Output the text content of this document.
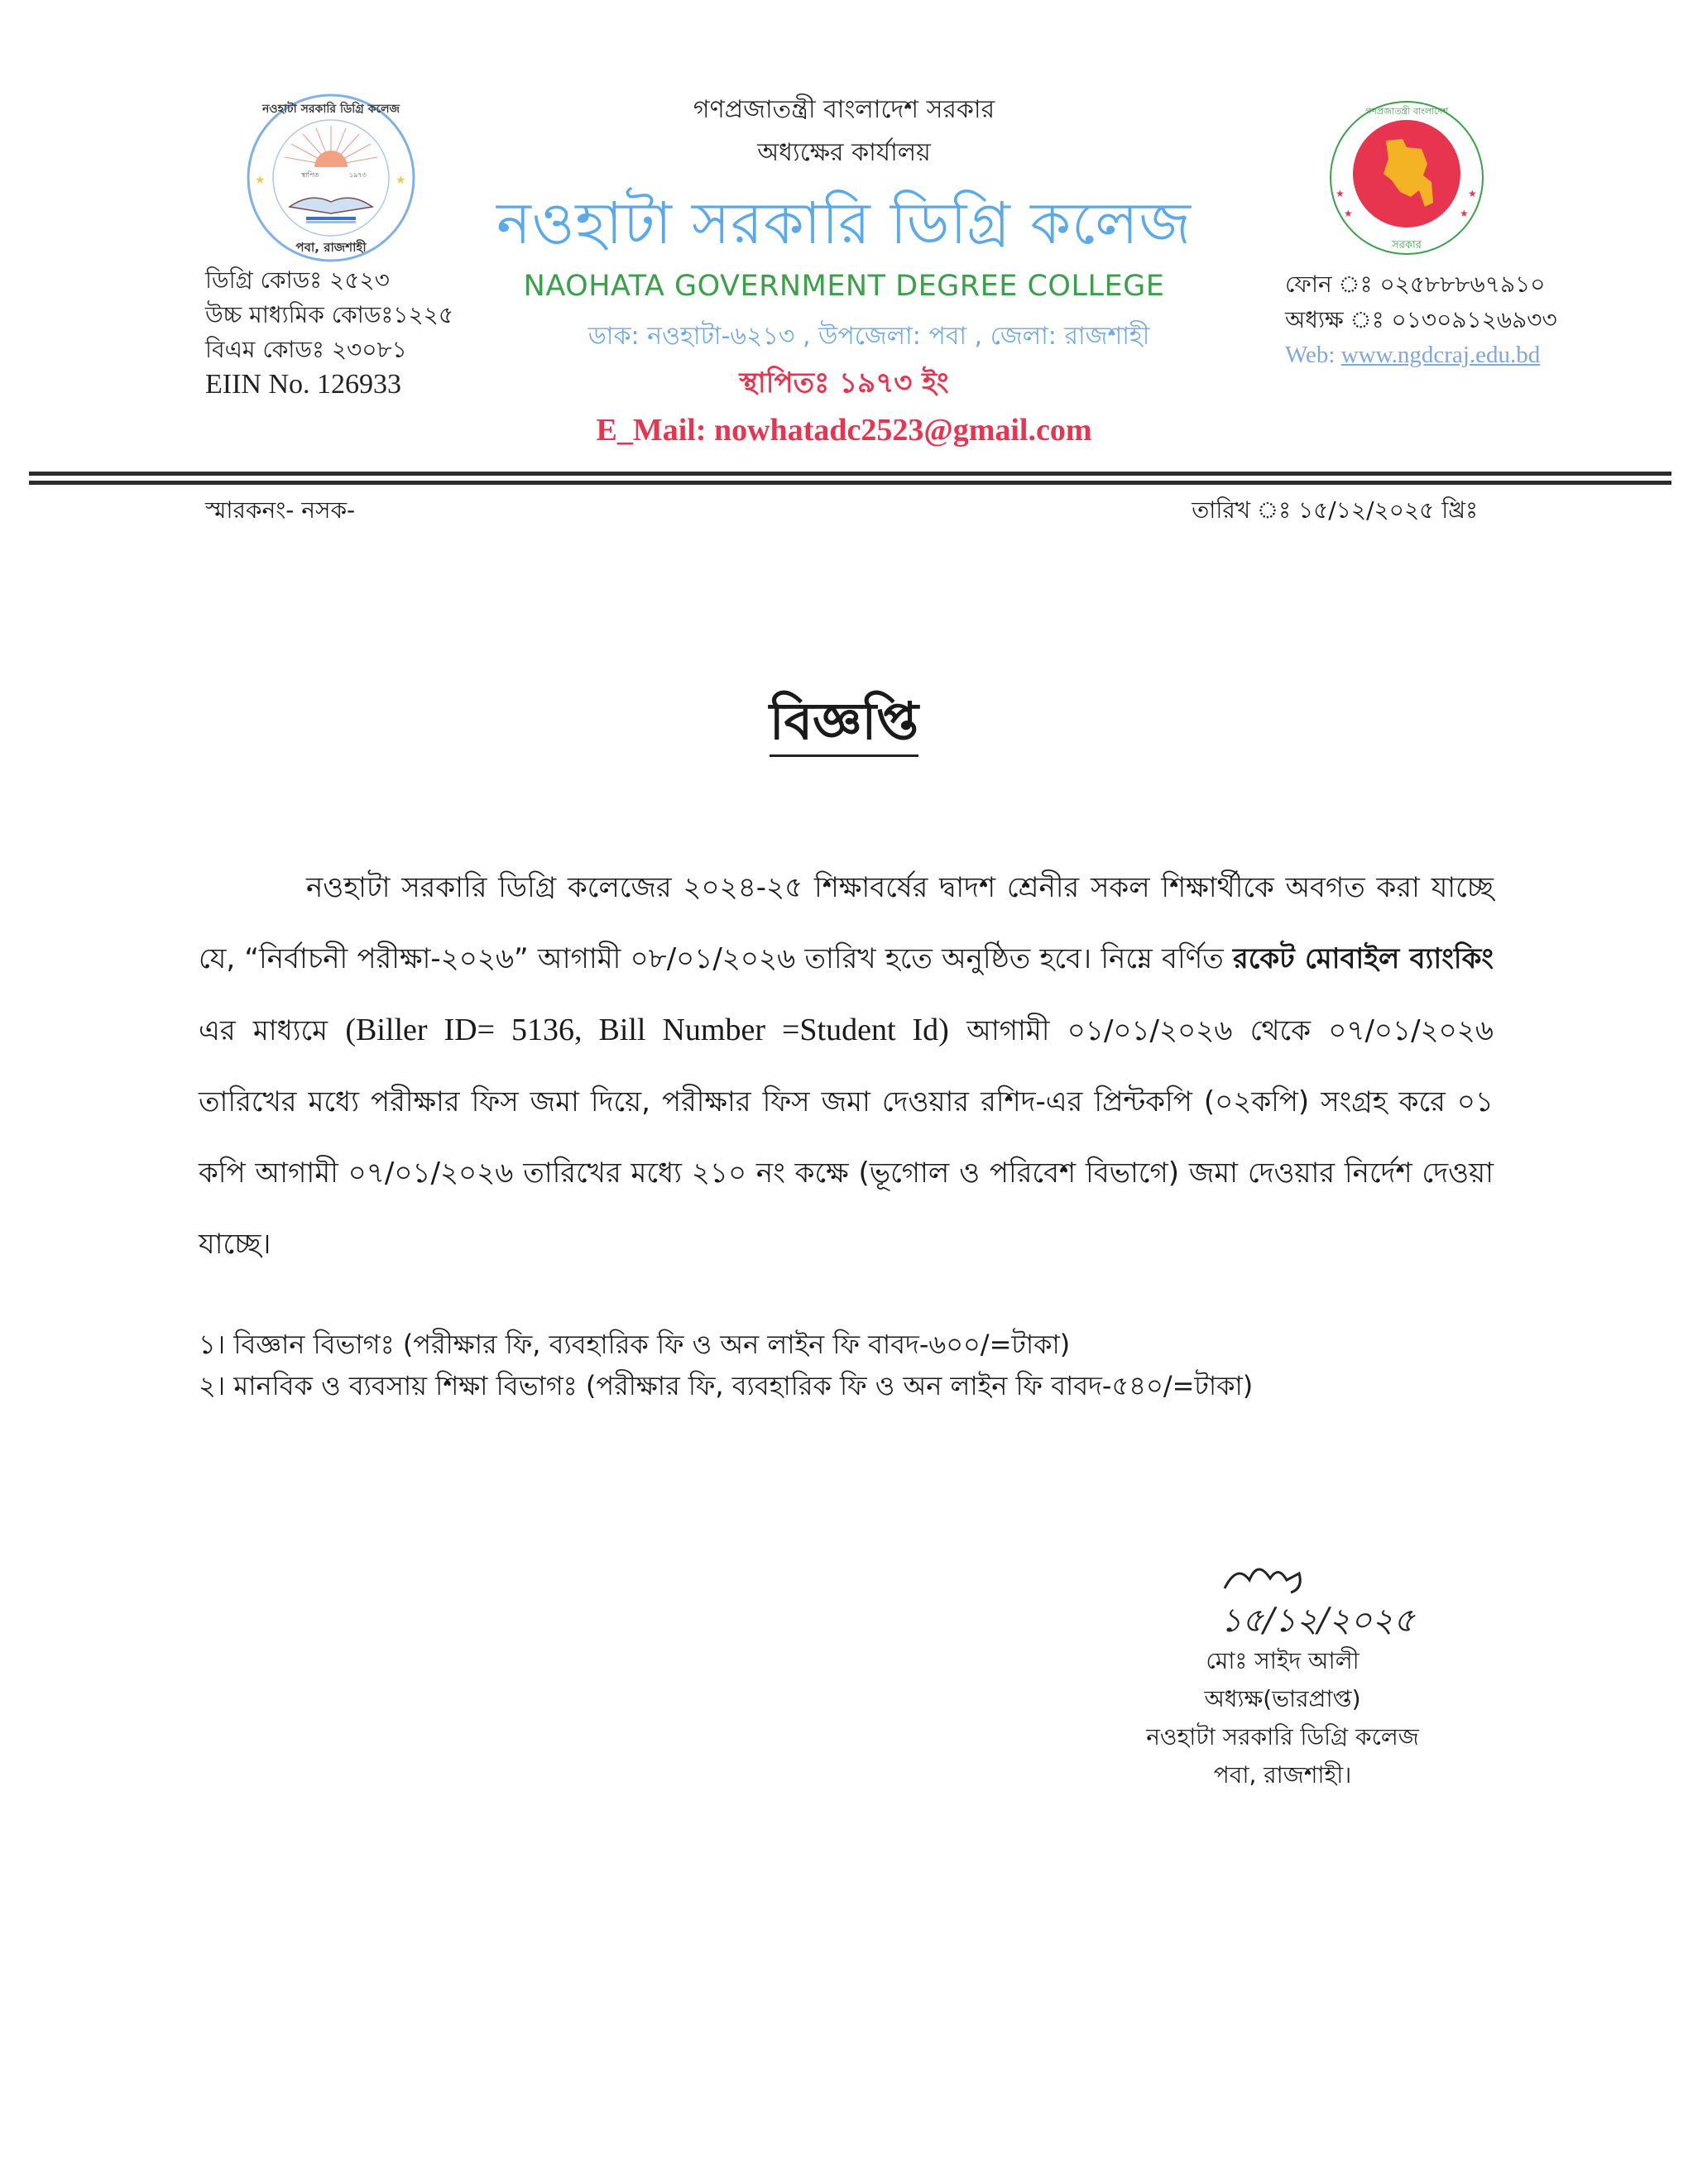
স্থাপিত	১৯৭৩
★	★
নওহাটা সরকারি ডিগ্রি কলেজ
পবা, রাজশাহী
★	★
★	★
গণপ্রজাতন্ত্রী বাংলাদেশ
সরকার
গণপ্রজাতন্ত্রী বাংলাদেশ সরকার
অধ্যক্ষের কার্যালয়
নওহাটা সরকারি ডিগ্রি কলেজ
NAOHATA GOVERNMENT DEGREE COLLEGE
ডাক: নওহাটা-৬২১৩ , উপজেলা: পবা , জেলা: রাজশাহী
স্থাপিতঃ ১৯৭৩ ইং
E_Mail: nowhatadc2523@gmail.com
ডিগ্রি কোডঃ ২৫২৩
উচ্চ মাধ্যমিক কোডঃ১২২৫
বিএম কোডঃ ২৩০৮১
EIIN No. 126933
ফোন ঃ ০২৫৮৮৮৬৭৯১০
অধ্যক্ষ ঃ ০১৩০৯১২৬৯৩৩
Web: www.ngdcraj.edu.bd
স্মারকনং- নসক-	তারিখ ঃ ১৫/১২/২০২৫ খ্রিঃ
বিজ্ঞপ্তি
নওহাটা সরকারি ডিগ্রি কলেজের ২০২৪-২৫ শিক্ষাবর্ষের দ্বাদশ শ্রেনীর সকল শিক্ষার্থীকে অবগত করা যাচ্ছে যে, “নির্বাচনী পরীক্ষা-২০২৬” আগামী ০৮/০১/২০২৬ তারিখ হতে অনুষ্ঠিত হবে। নিম্নে বর্ণিত রকেট মোবাইল ব্যাংকিং এর মাধ্যমে (Biller ID= 5136, Bill Number =Student Id) আগামী ০১/০১/২০২৬ থেকে ০৭/০১/২০২৬ তারিখের মধ্যে পরীক্ষার ফিস জমা দিয়ে, পরীক্ষার ফিস জমা দেওয়ার রশিদ-এর প্রিন্টকপি (০২কপি) সংগ্রহ করে ০১ কপি আগামী ০৭/০১/২০২৬ তারিখের মধ্যে ২১০ নং কক্ষে (ভূগোল ও পরিবেশ বিভাগে) জমা দেওয়ার নির্দেশ দেওয়া যাচ্ছে।
১। বিজ্ঞান বিভাগঃ (পরীক্ষার ফি, ব্যবহারিক ফি ও অন লাইন ফি বাবদ-৬০০/=টাকা)
২। মানবিক ও ব্যবসায় শিক্ষা বিভাগঃ (পরীক্ষার ফি, ব্যবহারিক ফি ও অন লাইন ফি বাবদ-৫৪০/=টাকা)
১৫/১২/২০২৫
মোঃ সাইদ আলী
অধ্যক্ষ(ভারপ্রাপ্ত)
নওহাটা সরকারি ডিগ্রি কলেজ
পবা, রাজশাহী।
